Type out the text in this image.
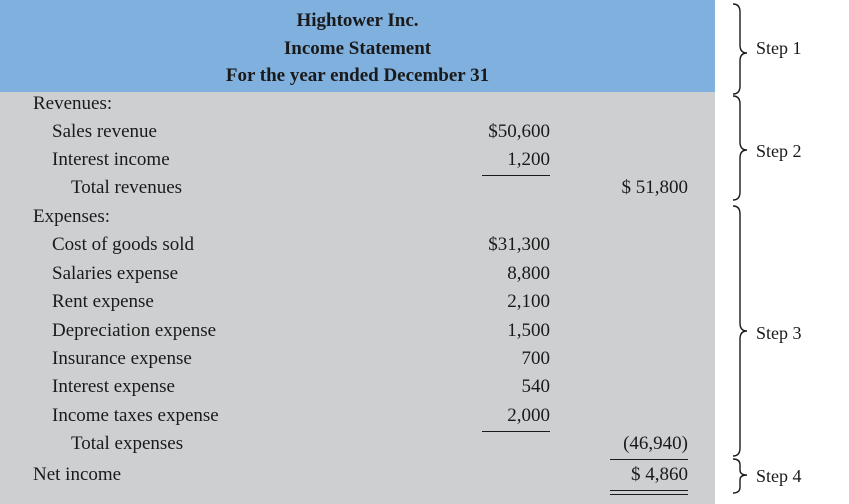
Hightower Inc.
Income Statement
For the year ended December 31
Revenues:
Sales revenue	$50,600
Interest income	1,200
Total revenues	$ 51,800
Expenses:
Cost of goods sold	$31,300
Salaries expense	8,800
Rent expense	2,100
Depreciation expense	1,500
Insurance expense	700
Interest expense	540
Income taxes expense	2,000
Total expenses	(46,940)
Net income	$ 4,860
Step 1
Step 2
Step 3
Step 4
